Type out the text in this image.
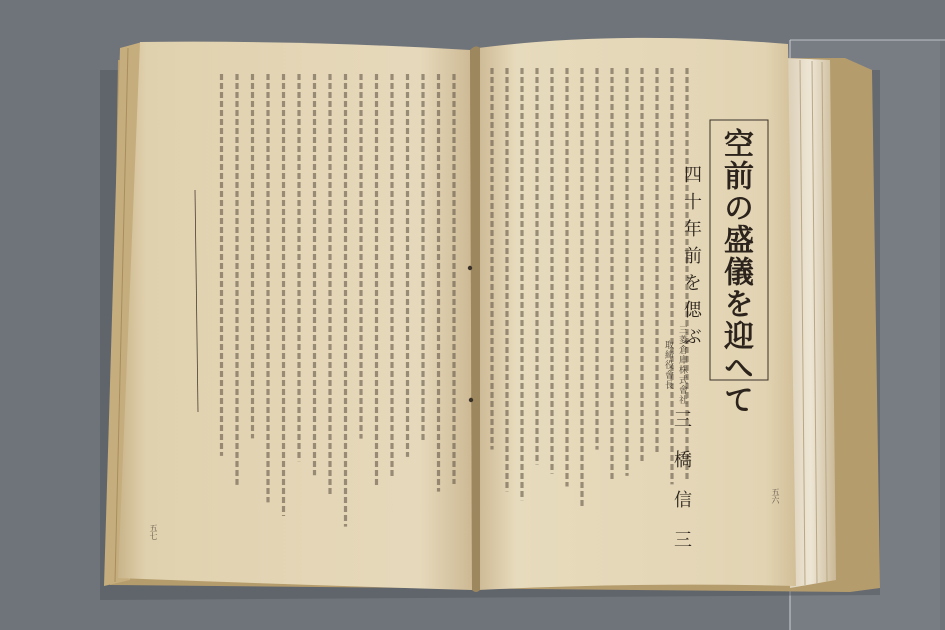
空前の盛儀を迎へて

四十年前を偲ぶ

三菱倉庫株式會社

取締役會長

三橋信三	五六

五七
